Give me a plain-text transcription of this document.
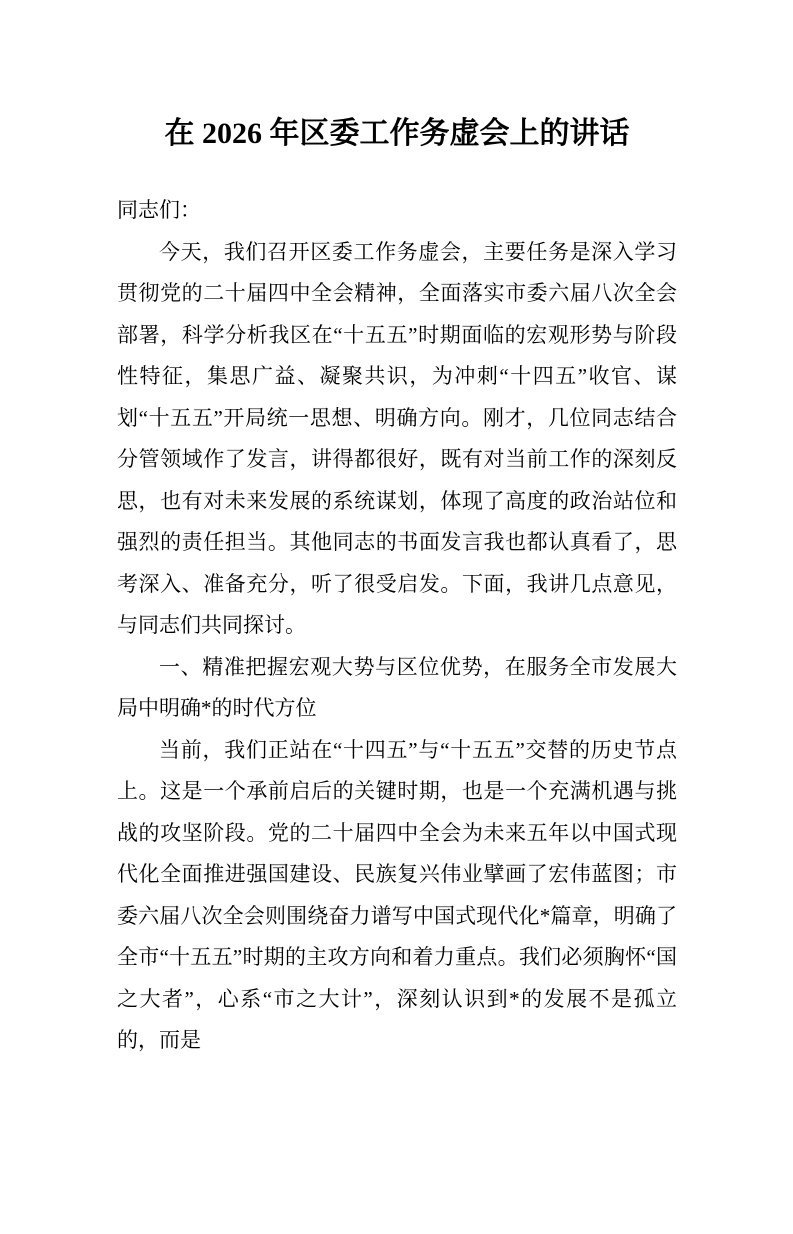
在 2026 年区委工作务虚会上的讲话

同志们：

今天，我们召开区委工作务虚会，主要任务是深入学习贯彻党的二十届四中全会精神，全面落实市委六届八次全会部署，科学分析我区在“十五五”时期面临的宏观形势与阶段性特征，集思广益、凝聚共识，为冲刺“十四五”收官、谋划“十五五”开局统一思想、明确方向。刚才，几位同志结合分管领域作了发言，讲得都很好，既有对当前工作的深刻反思，也有对未来发展的系统谋划，体现了高度的政治站位和强烈的责任担当。其他同志的书面发言我也都认真看了，思考深入、准备充分，听了很受启发。下面，我讲几点意见，与同志们共同探讨。

一、精准把握宏观大势与区位优势，在服务全市发展大局中明确*的时代方位

当前，我们正站在“十四五”与“十五五”交替的历史节点上。这是一个承前启后的关键时期，也是一个充满机遇与挑战的攻坚阶段。党的二十届四中全会为未来五年以中国式现代化全面推进强国建设、民族复兴伟业擘画了宏伟蓝图；市委六届八次全会则围绕奋力谱写中国式现代化*篇章，明确了全市“十五五”时期的主攻方向和着力重点。我们必须胸怀“国之大者”，心系“市之大计”，深刻认识到*的发展不是孤立的，而是
